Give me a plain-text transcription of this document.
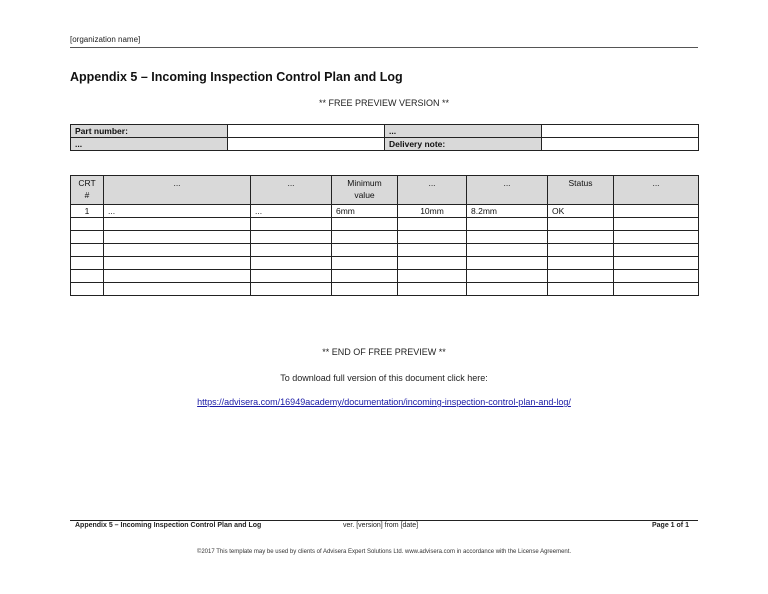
[organization name]
Appendix 5 – Incoming Inspection Control Plan and Log
** FREE PREVIEW VERSION **
Part number:		...	
...		Delivery note:	
CRT #	...	...	Minimum value	...	...	Status	...
1	...	...	6mm	10mm	8.2mm	OK	

** END OF FREE PREVIEW **
To download full version of this document click here:
https://advisera.com/16949academy/documentation/incoming-inspection-control-plan-and-log/
Appendix 5 – Incoming Inspection Control Plan and Log	ver. [version] from [date]	Page 1 of 1
©2017 This template may be used by clients of Advisera Expert Solutions Ltd. www.advisera.com in accordance with the License Agreement.
